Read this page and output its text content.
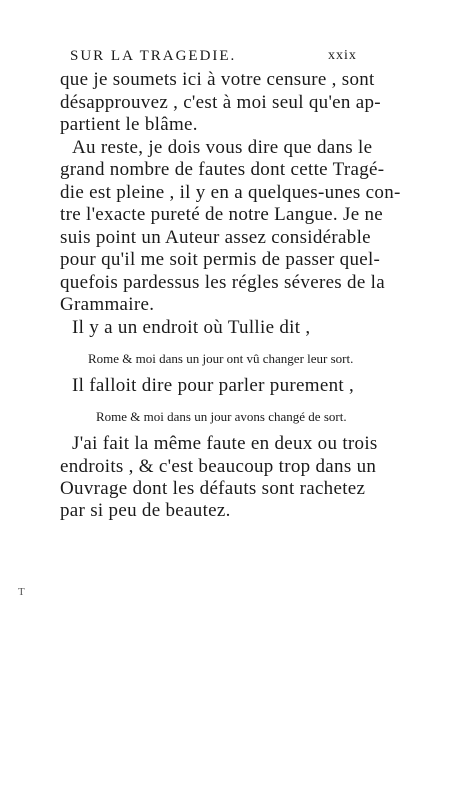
SUR LA TRAGEDIE.	xxix
que je soumets ici à votre censure , sont
désapprouvez , c'est à moi seul qu'en ap-
partient le blâme.
Au reste, je dois vous dire que dans le
grand nombre de fautes dont cette Tragé-
die est pleine , il y en a quelques-unes con-
tre l'exacte pureté de notre Langue. Je ne
suis point un Auteur assez considérable
pour qu'il me soit permis de passer quel-
quefois pardessus les régles séveres de la
Grammaire.
Il y a un endroit où Tullie dit ,
Rome & moi dans un jour ont vû changer leur sort.
Il falloit dire pour parler purement ,
Rome & moi dans un jour avons changé de sort.
J'ai fait la même faute en deux ou trois
endroits , & c'est beaucoup trop dans un
Ouvrage dont les défauts sont rachetez
par si peu de beautez.
T
